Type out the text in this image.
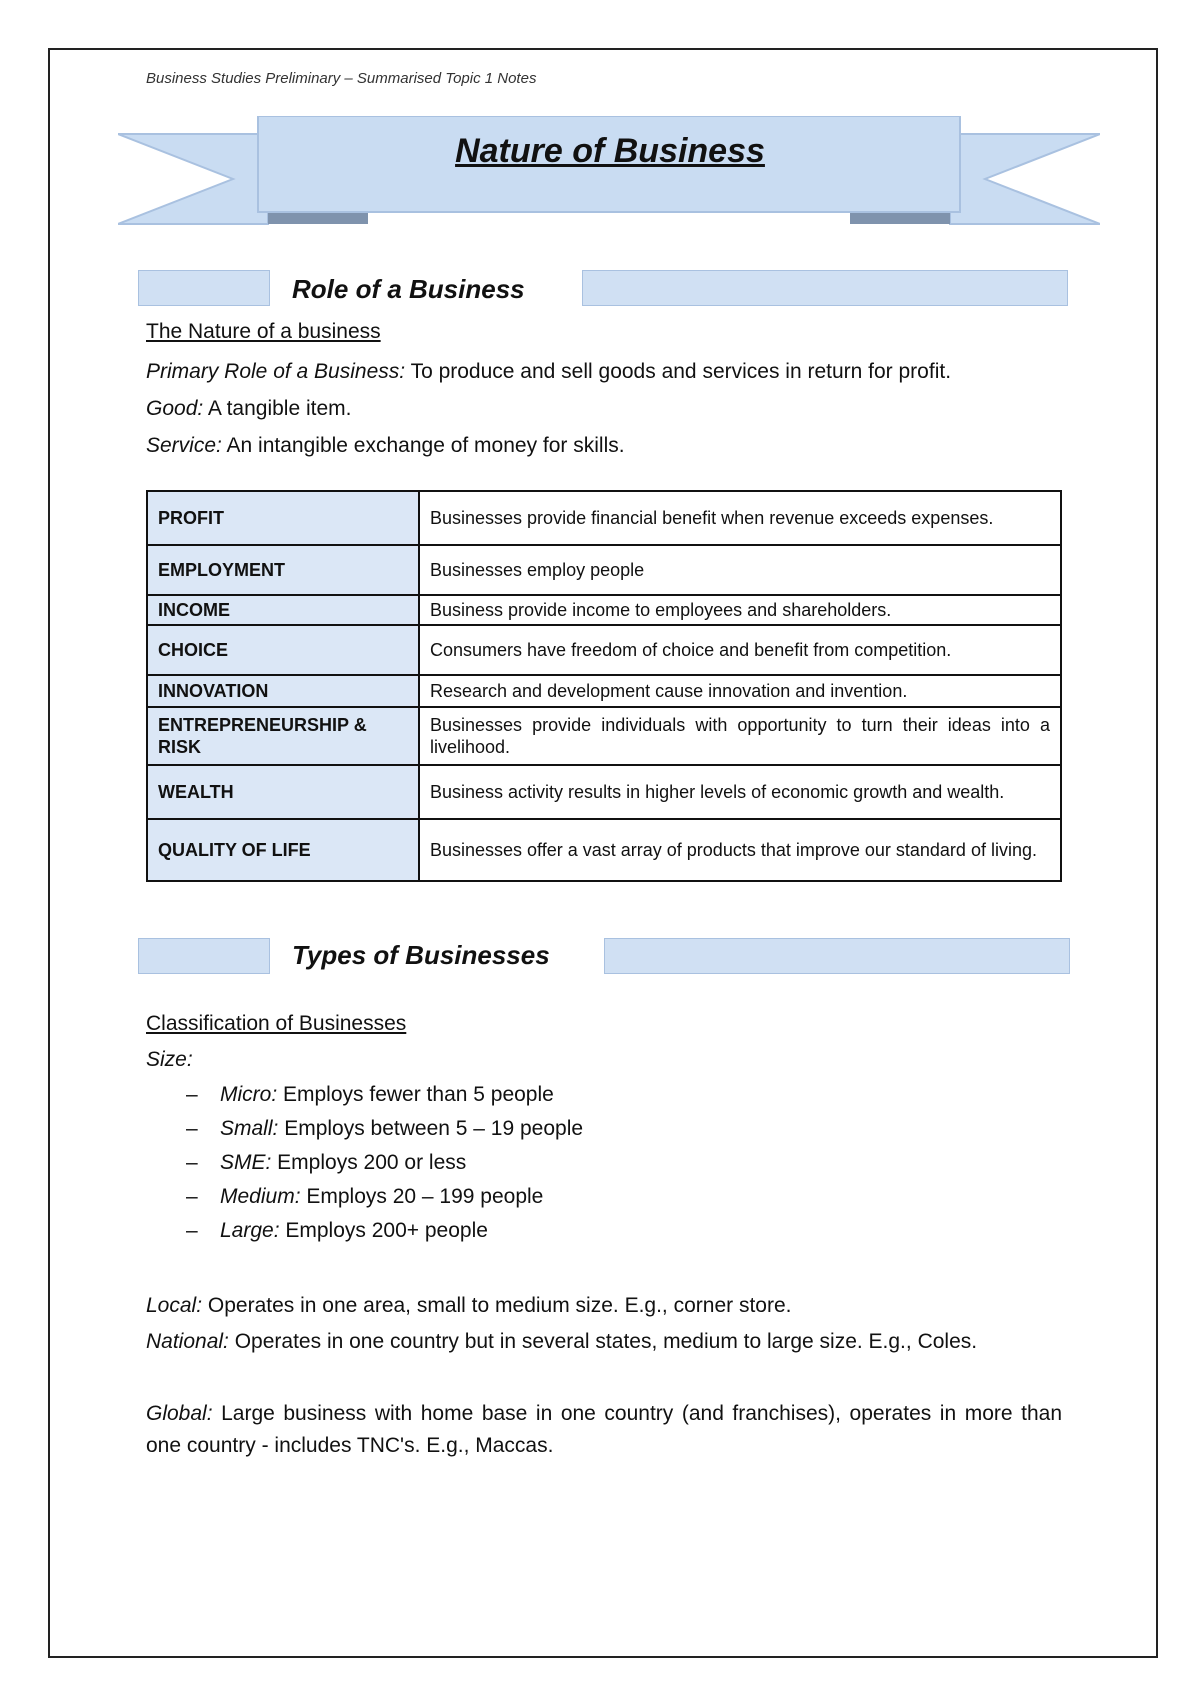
Business Studies Preliminary – Summarised Topic 1 Notes
Nature of Business
Role of a Business
The Nature of a business
Primary Role of a Business: To produce and sell goods and services in return for profit.
Good: A tangible item.
Service: An intangible exchange of money for skills.
PROFIT	Businesses provide financial benefit when revenue exceeds expenses.
EMPLOYMENT	Businesses employ people
INCOME	Business provide income to employees and shareholders.
CHOICE	Consumers have freedom of choice and benefit from competition.
INNOVATION	Research and development cause innovation and invention.
ENTREPRENEURSHIP & RISK	Businesses provide individuals with opportunity to turn their ideas into a livelihood.
WEALTH	Business activity results in higher levels of economic growth and wealth.
QUALITY OF LIFE	Businesses offer a vast array of products that improve our standard of living.
Types of Businesses
Classification of Businesses
Size:
– Micro: Employs fewer than 5 people
– Small: Employs between 5 – 19 people
– SME: Employs 200 or less
– Medium: Employs 20 – 199 people
– Large: Employs 200+ people
Local: Operates in one area, small to medium size. E.g., corner store.
National: Operates in one country but in several states, medium to large size. E.g., Coles.
Global: Large business with home base in one country (and franchises), operates in more than one country - includes TNC's. E.g., Maccas.
